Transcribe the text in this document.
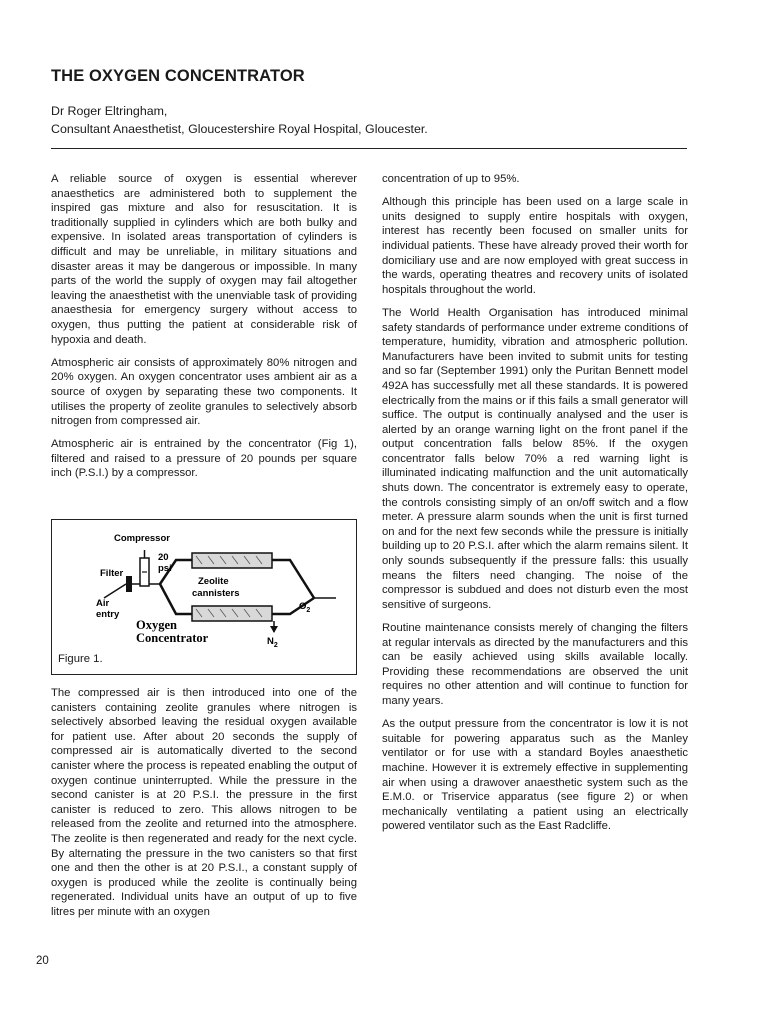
THE OXYGEN CONCENTRATOR
Dr Roger Eltringham,
Consultant Anaesthetist, Gloucestershire Royal Hospital, Gloucester.

A reliable source of oxygen is essential wherever anaesthetics are administered both to supplement the inspired gas mixture and also for resuscitation. It is traditionally supplied in cylinders which are both bulky and expensive. In isolated areas transportation of cylinders is difficult and may be unreliable, in military situations and disaster areas it may be dangerous or impossible. In many parts of the world the supply of oxygen may fail altogether leaving the anaesthetist with the unenviable task of providing anaesthesia for emergency surgery without access to oxygen, thus putting the patient at considerable risk of hypoxia and death.

Atmospheric air consists of approximately 80% nitrogen and 20% oxygen. An oxygen concentrator uses ambient air as a source of oxygen by separating these two components. It utilises the property of zeolite granules to selectively absorb nitrogen from compressed air.

Atmospheric air is entrained by the concentrator (Fig 1), filtered and raised to a pressure of 20 pounds per square inch (P.S.I.) by a compressor.

Compressor
20
psi
Filter
Zeolite
cannisters
Air
entry
$O_2$
$N_2$
Oxygen
Concentrator
Figure 1.

The compressed air is then introduced into one of the canisters containing zeolite granules where nitrogen is selectively absorbed leaving the residual oxygen available for patient use. After about 20 seconds the supply of compressed air is automatically diverted to the second canister where the process is repeated enabling the output of oxygen continue uninterrupted. While the pressure in the second canister is at 20 P.S.I. the pressure in the first canister is reduced to zero. This allows nitrogen to be released from the zeolite and returned into the atmosphere. The zeolite is then regenerated and ready for the next cycle. By alternating the pressure in the two canisters so that first one and then the other is at 20 P.S.I., a constant supply of oxygen is produced while the zeolite is continually being regenerated. Individual units have an output of up to five litres per minute with an oxygen

concentration of up to 95%.

Although this principle has been used on a large scale in units designed to supply entire hospitals with oxygen, interest has recently been focused on smaller units for individual patients. These have already proved their worth for domiciliary use and are now employed with great success in the wards, operating theatres and recovery units of isolated hospitals throughout the world.

The World Health Organisation has introduced minimal safety standards of performance under extreme conditions of temperature, humidity, vibration and atmospheric pollution. Manufacturers have been invited to submit units for testing and so far (September 1991) only the Puritan Bennett model 492A has successfully met all these standards. It is powered electrically from the mains or if this fails a small generator will suffice. The output is continually analysed and the user is alerted by an orange warning light on the front panel if the output concentration falls below 85%. If the oxygen concentrator falls below 70% a red warning light is illuminated indicating malfunction and the unit automatically shuts down. The concentrator is extremely easy to operate, the controls consisting simply of an on/off switch and a flow meter. A pressure alarm sounds when the unit is first turned on and for the next few seconds while the pressure is initially building up to 20 P.S.I. after which the alarm remains silent. It only sounds subsequently if the pressure falls: this usually means the filters need changing. The noise of the compressor is subdued and does not disturb even the most sensitive of surgeons.

Routine maintenance consists merely of changing the filters at regular intervals as directed by the manufacturers and this can be easily achieved using skills available locally. Providing these recommendations are observed the unit requires no other attention and will continue to function for many years.

As the output pressure from the concentrator is low it is not suitable for powering apparatus such as the Manley ventilator or for use with a standard Boyles anaesthetic machine. However it is extremely effective in supplementing air when using a drawover anaesthetic system such as the E.M.0. or Triservice apparatus (see figure 2) or when mechanically ventilating a patient using an electrically powered ventilator such as the East Radcliffe.

20
